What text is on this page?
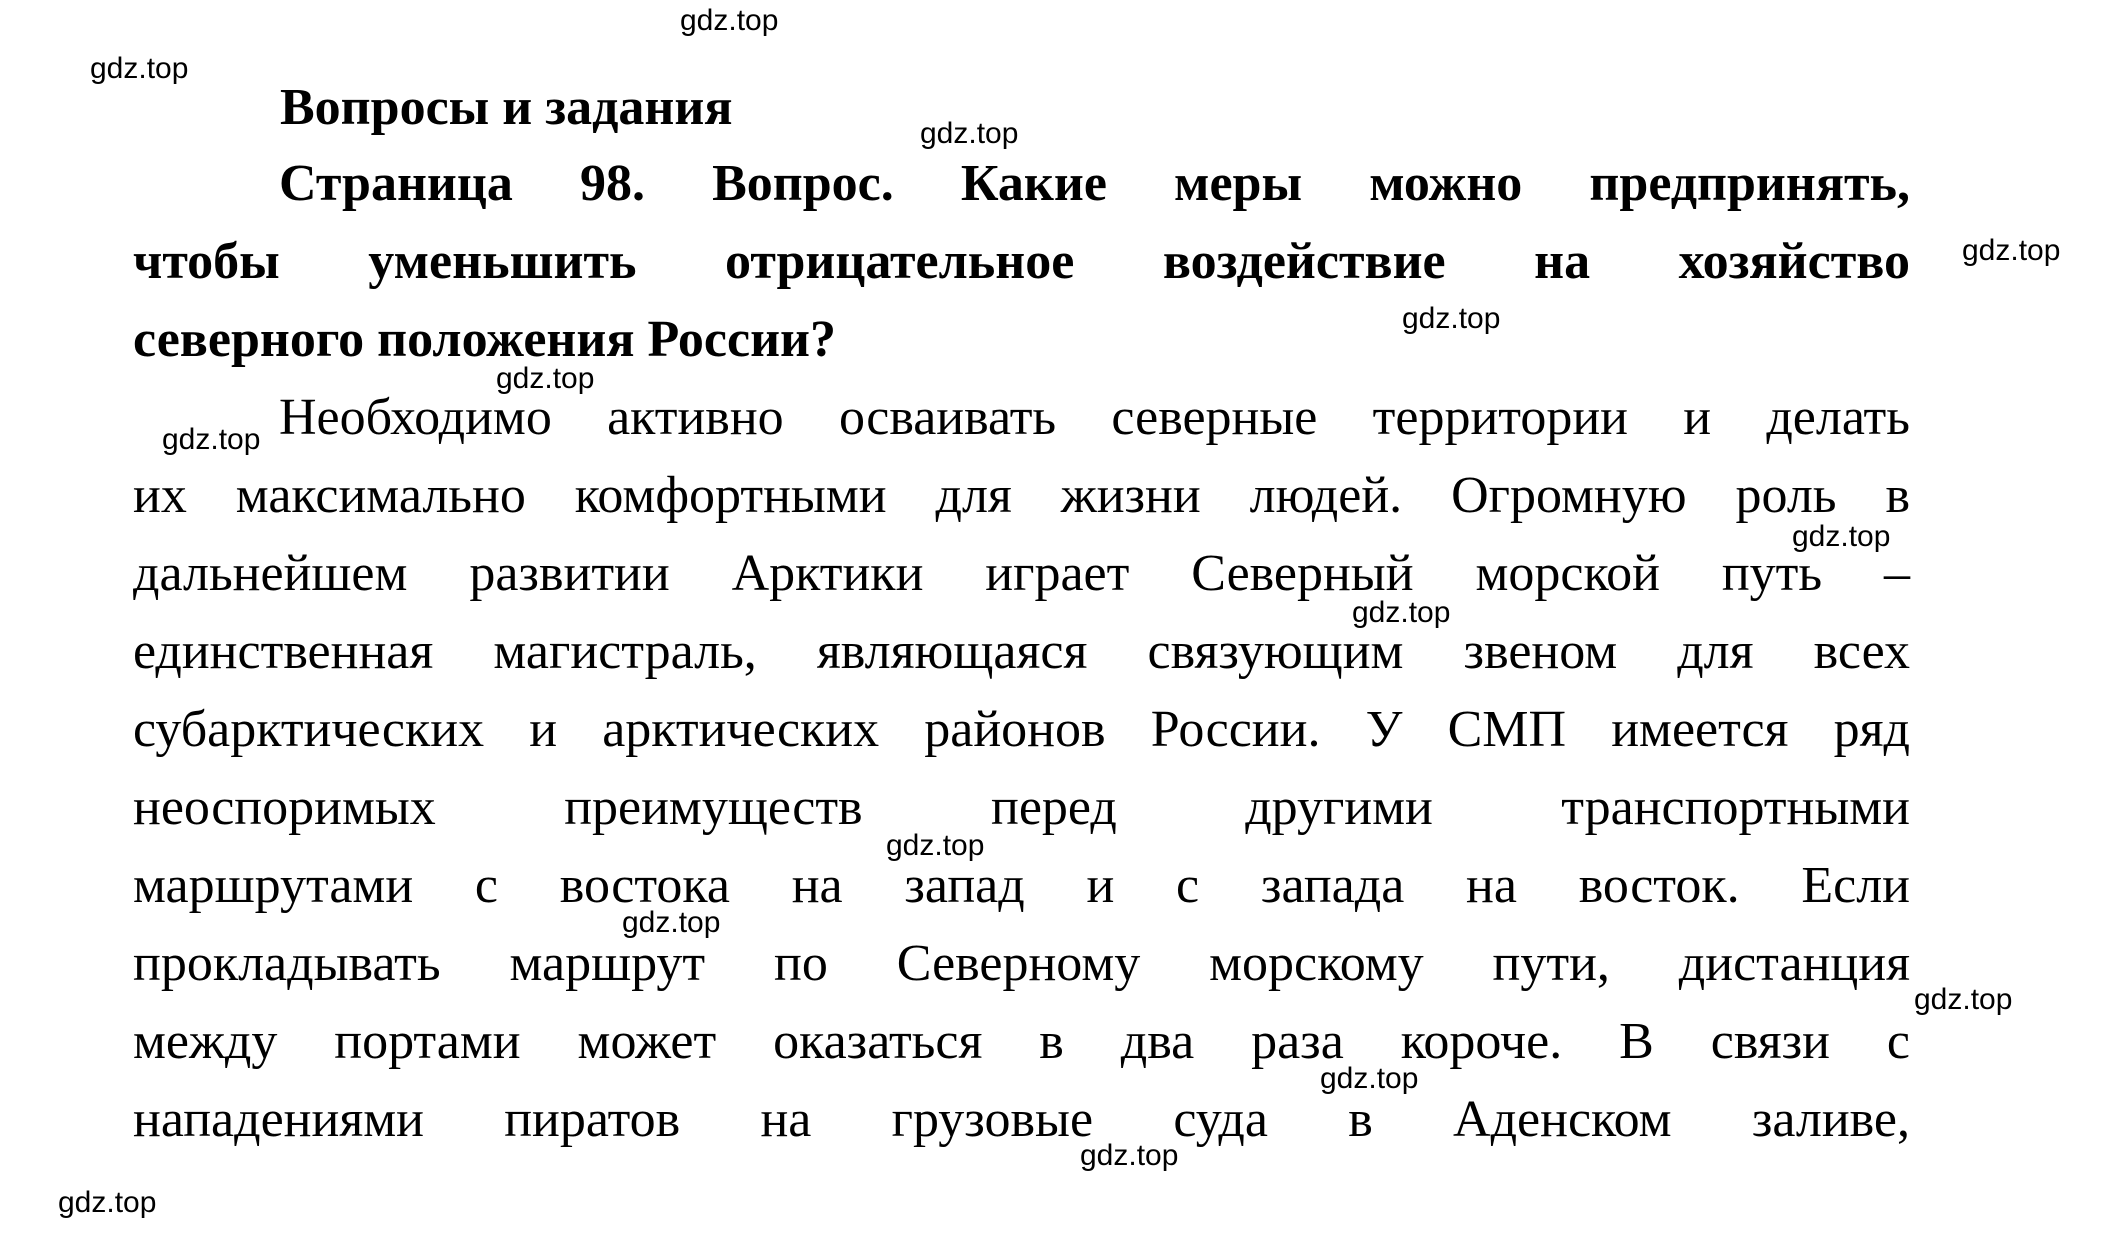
Вопросы и задания
Страница 98. Вопрос. Какие меры можно предпринять,
чтобы уменьшить отрицательное воздействие на хозяйство
северного положения России?
Необходимо активно осваивать северные территории и делать
их максимально комфортными для жизни людей. Огромную роль в
дальнейшем развитии Арктики играет Северный морской путь –
единственная магистраль, являющаяся связующим звеном для всех
субарктических и арктических районов России. У СМП имеется ряд
неоспоримых преимуществ перед другими транспортными
маршрутами с востока на запад и с запада на восток. Если
прокладывать маршрут по Северному морскому пути, дистанция
между портами может оказаться в два раза короче. В связи с
нападениями пиратов на грузовые суда в Аденском заливе,
gdz.top
gdz.top
gdz.top
gdz.top
gdz.top
gdz.top
gdz.top
gdz.top
gdz.top
gdz.top
gdz.top
gdz.top
gdz.top
gdz.top
gdz.top
